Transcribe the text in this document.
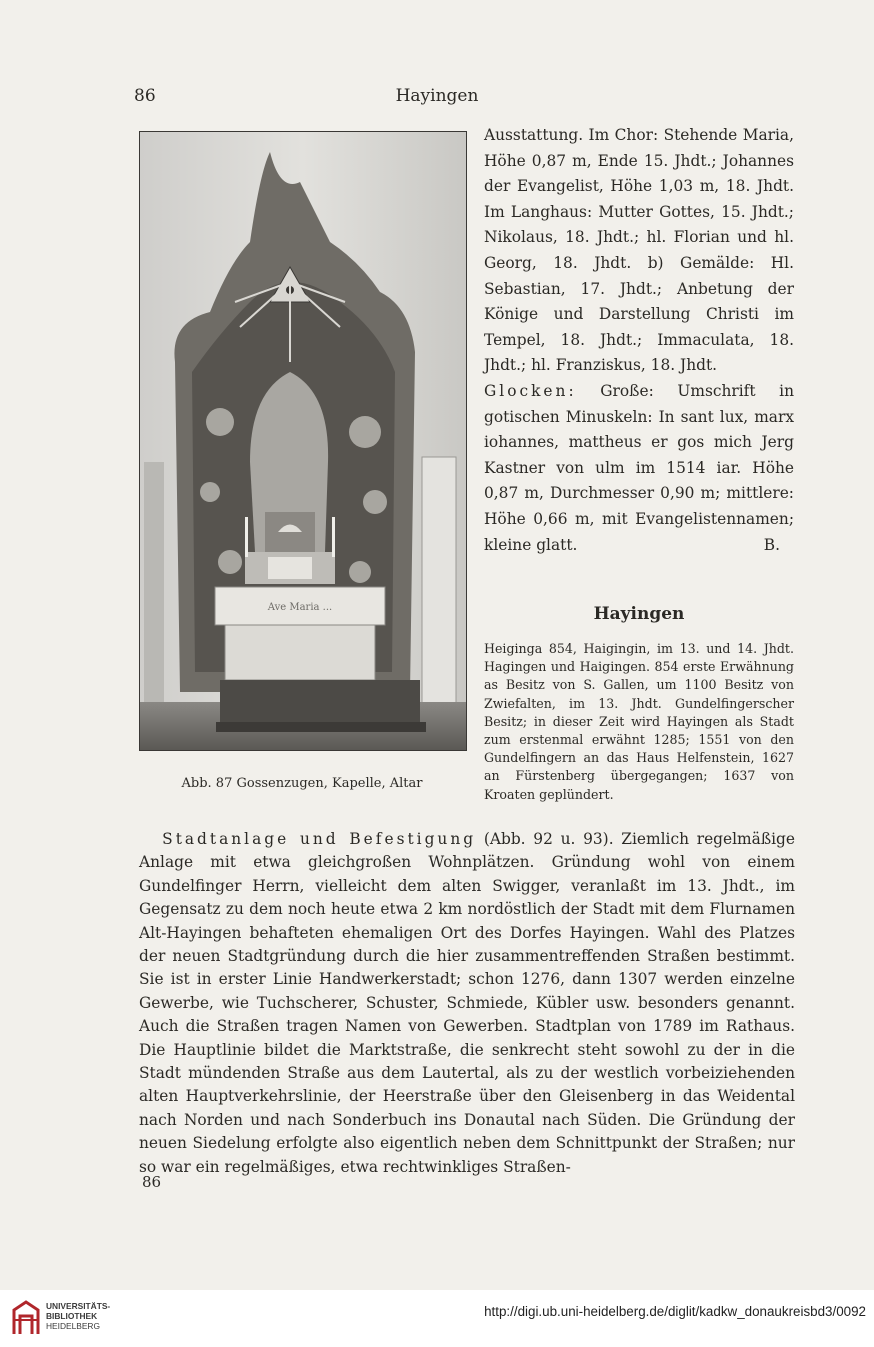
86	Hayingen
Ave Maria ...
Abb. 87 Gossenzugen, Kapelle, Altar

Ausstattung. Im Chor: Stehende Maria, Höhe 0,87 m, Ende 15. Jhdt.; Johannes der Evangelist, Höhe 1,03 m, 18. Jhdt. Im Langhaus: Mutter Gottes, 15. Jhdt.; Nikolaus, 18. Jhdt.; hl. Florian und hl. Georg, 18. Jhdt. b) Gemälde: Hl. Sebastian, 17. Jhdt.; Anbetung der Könige und Darstellung Christi im Tempel, 18. Jhdt.; Immaculata, 18. Jhdt.; hl. Franziskus, 18. Jhdt.

Glocken: Große: Umschrift in gotischen Minuskeln: In sant lux, marx iohannes, mattheus er gos mich Jerg Kastner von ulm im 1514 iar. Höhe 0,87 m, Durchmesser 0,90 m; mittlere: Höhe 0,66 m, mit Evangelistennamen; kleine glatt.	B.

Hayingen
Heiginga 854, Haigingin, im 13. und 14. Jhdt. Hagingen und Haigingen. 854 erste Erwähnung as Besitz von S. Gallen, um 1100 Besitz von Zwiefalten, im 13. Jhdt. Gundelfingerscher Besitz; in dieser Zeit wird Hayingen als Stadt zum erstenmal erwähnt 1285; 1551 von den Gundelfingern an das Haus Helfenstein, 1627 an Fürstenberg übergegangen; 1637 von Kroaten geplündert.
Stadtanlage und Befestigung (Abb. 92 u. 93). Ziemlich regelmäßige Anlage mit etwa gleichgroßen Wohnplätzen. Gründung wohl von einem Gundelfinger Herrn, vielleicht dem alten Swigger, veranlaßt im 13. Jhdt., im Gegensatz zu dem noch heute etwa 2 km nordöstlich der Stadt mit dem Flurnamen Alt-Hayingen behafteten ehemaligen Ort des Dorfes Hayingen. Wahl des Platzes der neuen Stadtgründung durch die hier zusammentreffenden Straßen bestimmt. Sie ist in erster Linie Handwerkerstadt; schon 1276, dann 1307 werden einzelne Gewerbe, wie Tuchscherer, Schuster, Schmiede, Kübler usw. besonders genannt. Auch die Straßen tragen Namen von Gewerben. Stadtplan von 1789 im Rathaus. Die Hauptlinie bildet die Marktstraße, die senkrecht steht sowohl zu der in die Stadt mündenden Straße aus dem Lautertal, als zu der westlich vorbeiziehenden alten Hauptverkehrslinie, der Heerstraße über den Gleisenberg in das Weidental nach Norden und nach Sonderbuch ins Donautal nach Süden. Die Gründung der neuen Siedelung erfolgte also eigentlich neben dem Schnittpunkt der Straßen; nur so war ein regelmäßiges, etwa rechtwinkliges Straßen-
86
UNIVERSITÄTS-
BIBLIOTHEK
HEIDELBERG
http://digi.ub.uni-heidelberg.de/diglit/kadkw_donaukreisbd3/0092
